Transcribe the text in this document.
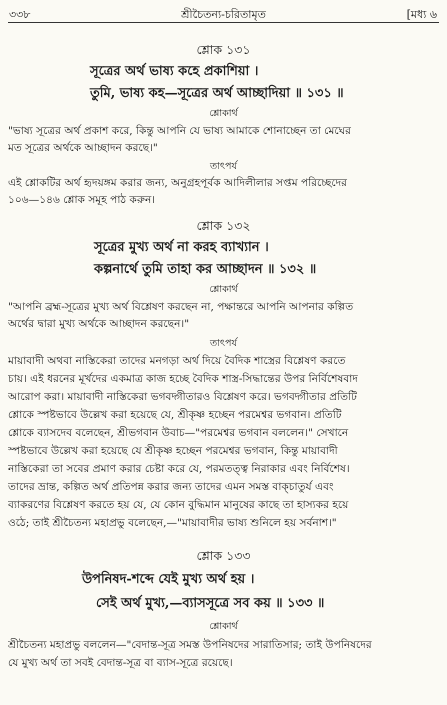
৩৩৮	শ্রীচৈতন্য-চরিতামৃত	[মধ্য ৬
শ্লোক ১৩১
সূত্রের অর্থ ভাষ্য কহে প্রকাশিয়া ।
তুমি, ভাষ্য কহ—সূত্রের অর্থ আচ্ছাদিয়া ॥ ১৩১ ॥
শ্লোকার্থ
"ভাষ্য সূত্রের অর্থ প্রকাশ করে, কিন্তু আপনি যে ভাষ্য আমাকে শোনাচ্ছেন তা মেঘের
মত সূত্রের অর্থকে আচ্ছাদন করছে।"
তাৎপর্য
এই শ্লোকটির অর্থ হৃদয়ঙ্গম করার জন্য, অনুগ্রহপূর্বক আদিলীলার সপ্তম পরিচ্ছেদের
১০৬—১৪৬ শ্লোক সমূহ পাঠ করুন।
শ্লোক ১৩২
সূত্রের মুখ্য অর্থ না করহ ব্যাখ্যান ।
কল্পনার্থে তুমি তাহা কর আচ্ছাদন ॥ ১৩২ ॥
শ্লোকার্থ
"আপনি ব্রহ্ম-সূত্রের মুখ্য অর্থ বিশ্লেষণ করছেন না, পক্ষান্তরে আপনি আপনার কল্পিত
অর্থের দ্বারা মুখ্য অর্থকে আচ্ছাদন করছেন।"
তাৎপর্য
মায়াবাদী অথবা নাস্তিকেরা তাদের মনগড়া অর্থ দিয়ে বৈদিক শাস্ত্রের বিশ্লেষণ করতে
চায়। এই ধরনের মূর্খদের একমাত্র কাজ হচ্ছে বৈদিক শাস্ত্র-সিদ্ধান্তের উপর নির্বিশেষবাদ
আরোপ করা। মায়াবাদী নাস্তিকেরা ভগবদ্গীতারও বিশ্লেষণ করে। ভগবদ্গীতার প্রতিটি
শ্লোকে স্পষ্টভাবে উল্লেখ করা হয়েছে যে, শ্রীকৃষ্ণ হচ্ছেন পরমেশ্বর ভগবান। প্রতিটি
শ্লোকে ব্যাসদেব বলেছেন, শ্রীভগবান উবাচ—"পরমেশ্বর ভগবান বললেন।" সেখানে
স্পষ্টভাবে উল্লেখ করা হয়েছে যে শ্রীকৃষ্ণ হচ্ছেন পরমেশ্বর ভগবান, কিন্তু মায়াবাদী
নাস্তিকেরা তা সবের প্রমাণ করার চেষ্টা করে যে, পরমতত্ত্ব নিরাকার এবং নির্বিশেষ।
তাদের ভ্রান্ত, কল্পিত অর্থ প্রতিপন্ন করার জন্য তাদের এমন সমস্ত বাক্চাতুর্য এবং
ব্যাকরণের বিশ্লেষণ করতে হয় যে, যে কোন বুদ্ধিমান মানুষের কাছে তা হাস্যকর হয়ে
ওঠে; তাই শ্রীচৈতন্য মহাপ্রভু বলেছেন,—"মায়াবাদীর ভাষ্য শুনিলে হয় সর্বনাশ।"
শ্লোক ১৩৩
উপনিষদ-শব্দে যেই মুখ্য অর্থ হয় ।
সেই অর্থ মুখ্য,—ব্যাসসূত্রে সব কয় ॥ ১৩৩ ॥
শ্লোকার্থ
শ্রীচৈতন্য মহাপ্রভু বললেন—"বেদান্ত-সূত্র সমস্ত উপনিষদের সারাতিসার; তাই উপনিষদের
যে মুখ্য অর্থ তা সবই বেদান্ত-সূত্র বা ব্যাস-সূত্রে রয়েছে।
